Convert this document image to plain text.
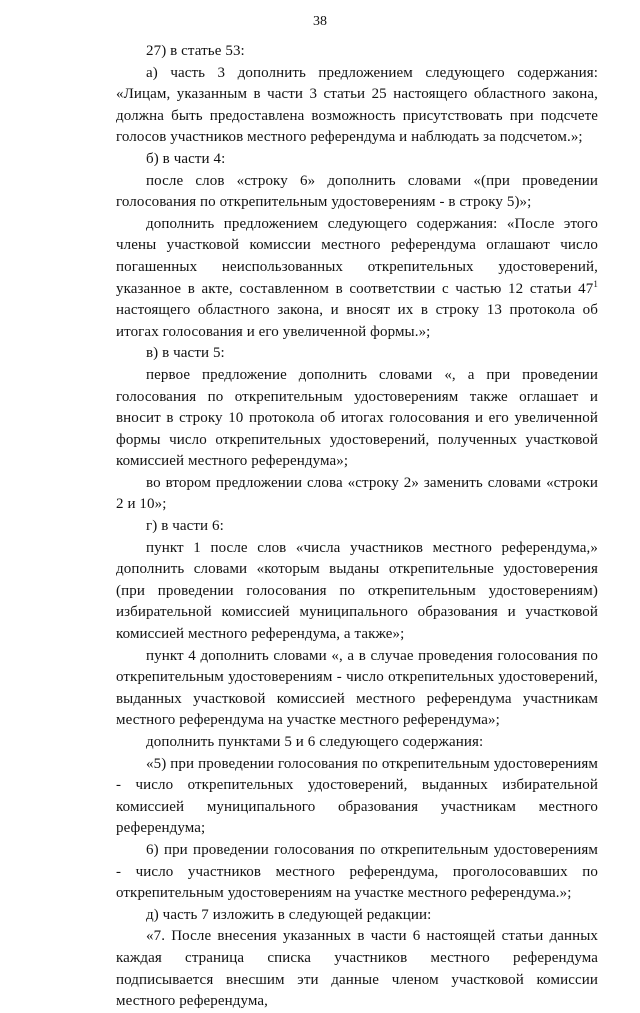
38

27) в статье 53:

а) часть 3 дополнить предложением следующего содержания: «Лицам, указанным в части 3 статьи 25 настоящего областного закона, должна быть предоставлена возможность присутствовать при подсчете голосов участников местного референдума и наблюдать за подсчетом.»;

б) в части 4:

после слов «строку 6» дополнить словами «(при проведении голосования по открепительным удостоверениям - в строку 5)»;

дополнить предложением следующего содержания: «После этого члены участковой комиссии местного референдума оглашают число погашенных неиспользованных открепительных удостоверений, указанное в акте, составленном в соответствии с частью 12 статьи $47^1$ настоящего областного закона, и вносят их в строку 13 протокола об итогах голосования и его увеличенной формы.»;

в) в части 5:

первое предложение дополнить словами «, а при проведении голосования по открепительным удостоверениям также оглашает и вносит в строку 10 протокола об итогах голосования и его увеличенной формы число открепительных удостоверений, полученных участковой комиссией местного референдума»;

во втором предложении слова «строку 2» заменить словами «строки 2 и 10»;

г) в части 6:

пункт 1 после слов «числа участников местного референдума,» дополнить словами «которым выданы открепительные удостоверения (при проведении голосования по открепительным удостоверениям) избирательной комиссией муниципального образования и участковой комиссией местного референдума, а также»;

пункт 4 дополнить словами «, а в случае проведения голосования по открепительным удостоверениям - число открепительных удостоверений, выданных участковой комиссией местного референдума участникам местного референдума на участке местного референдума»;

дополнить пунктами 5 и 6 следующего содержания:

«5) при проведении голосования по открепительным удостоверениям - число открепительных удостоверений, выданных избирательной комиссией муниципального образования участникам местного референдума;

6) при проведении голосования по открепительным удостоверениям - число участников местного референдума, проголосовавших по открепительным удостоверениям на участке местного референдума.»;

д) часть 7 изложить в следующей редакции:

«7. После внесения указанных в части 6 настоящей статьи данных каждая страница списка участников местного референдума подписывается внесшим эти данные членом участковой комиссии местного референдума,
